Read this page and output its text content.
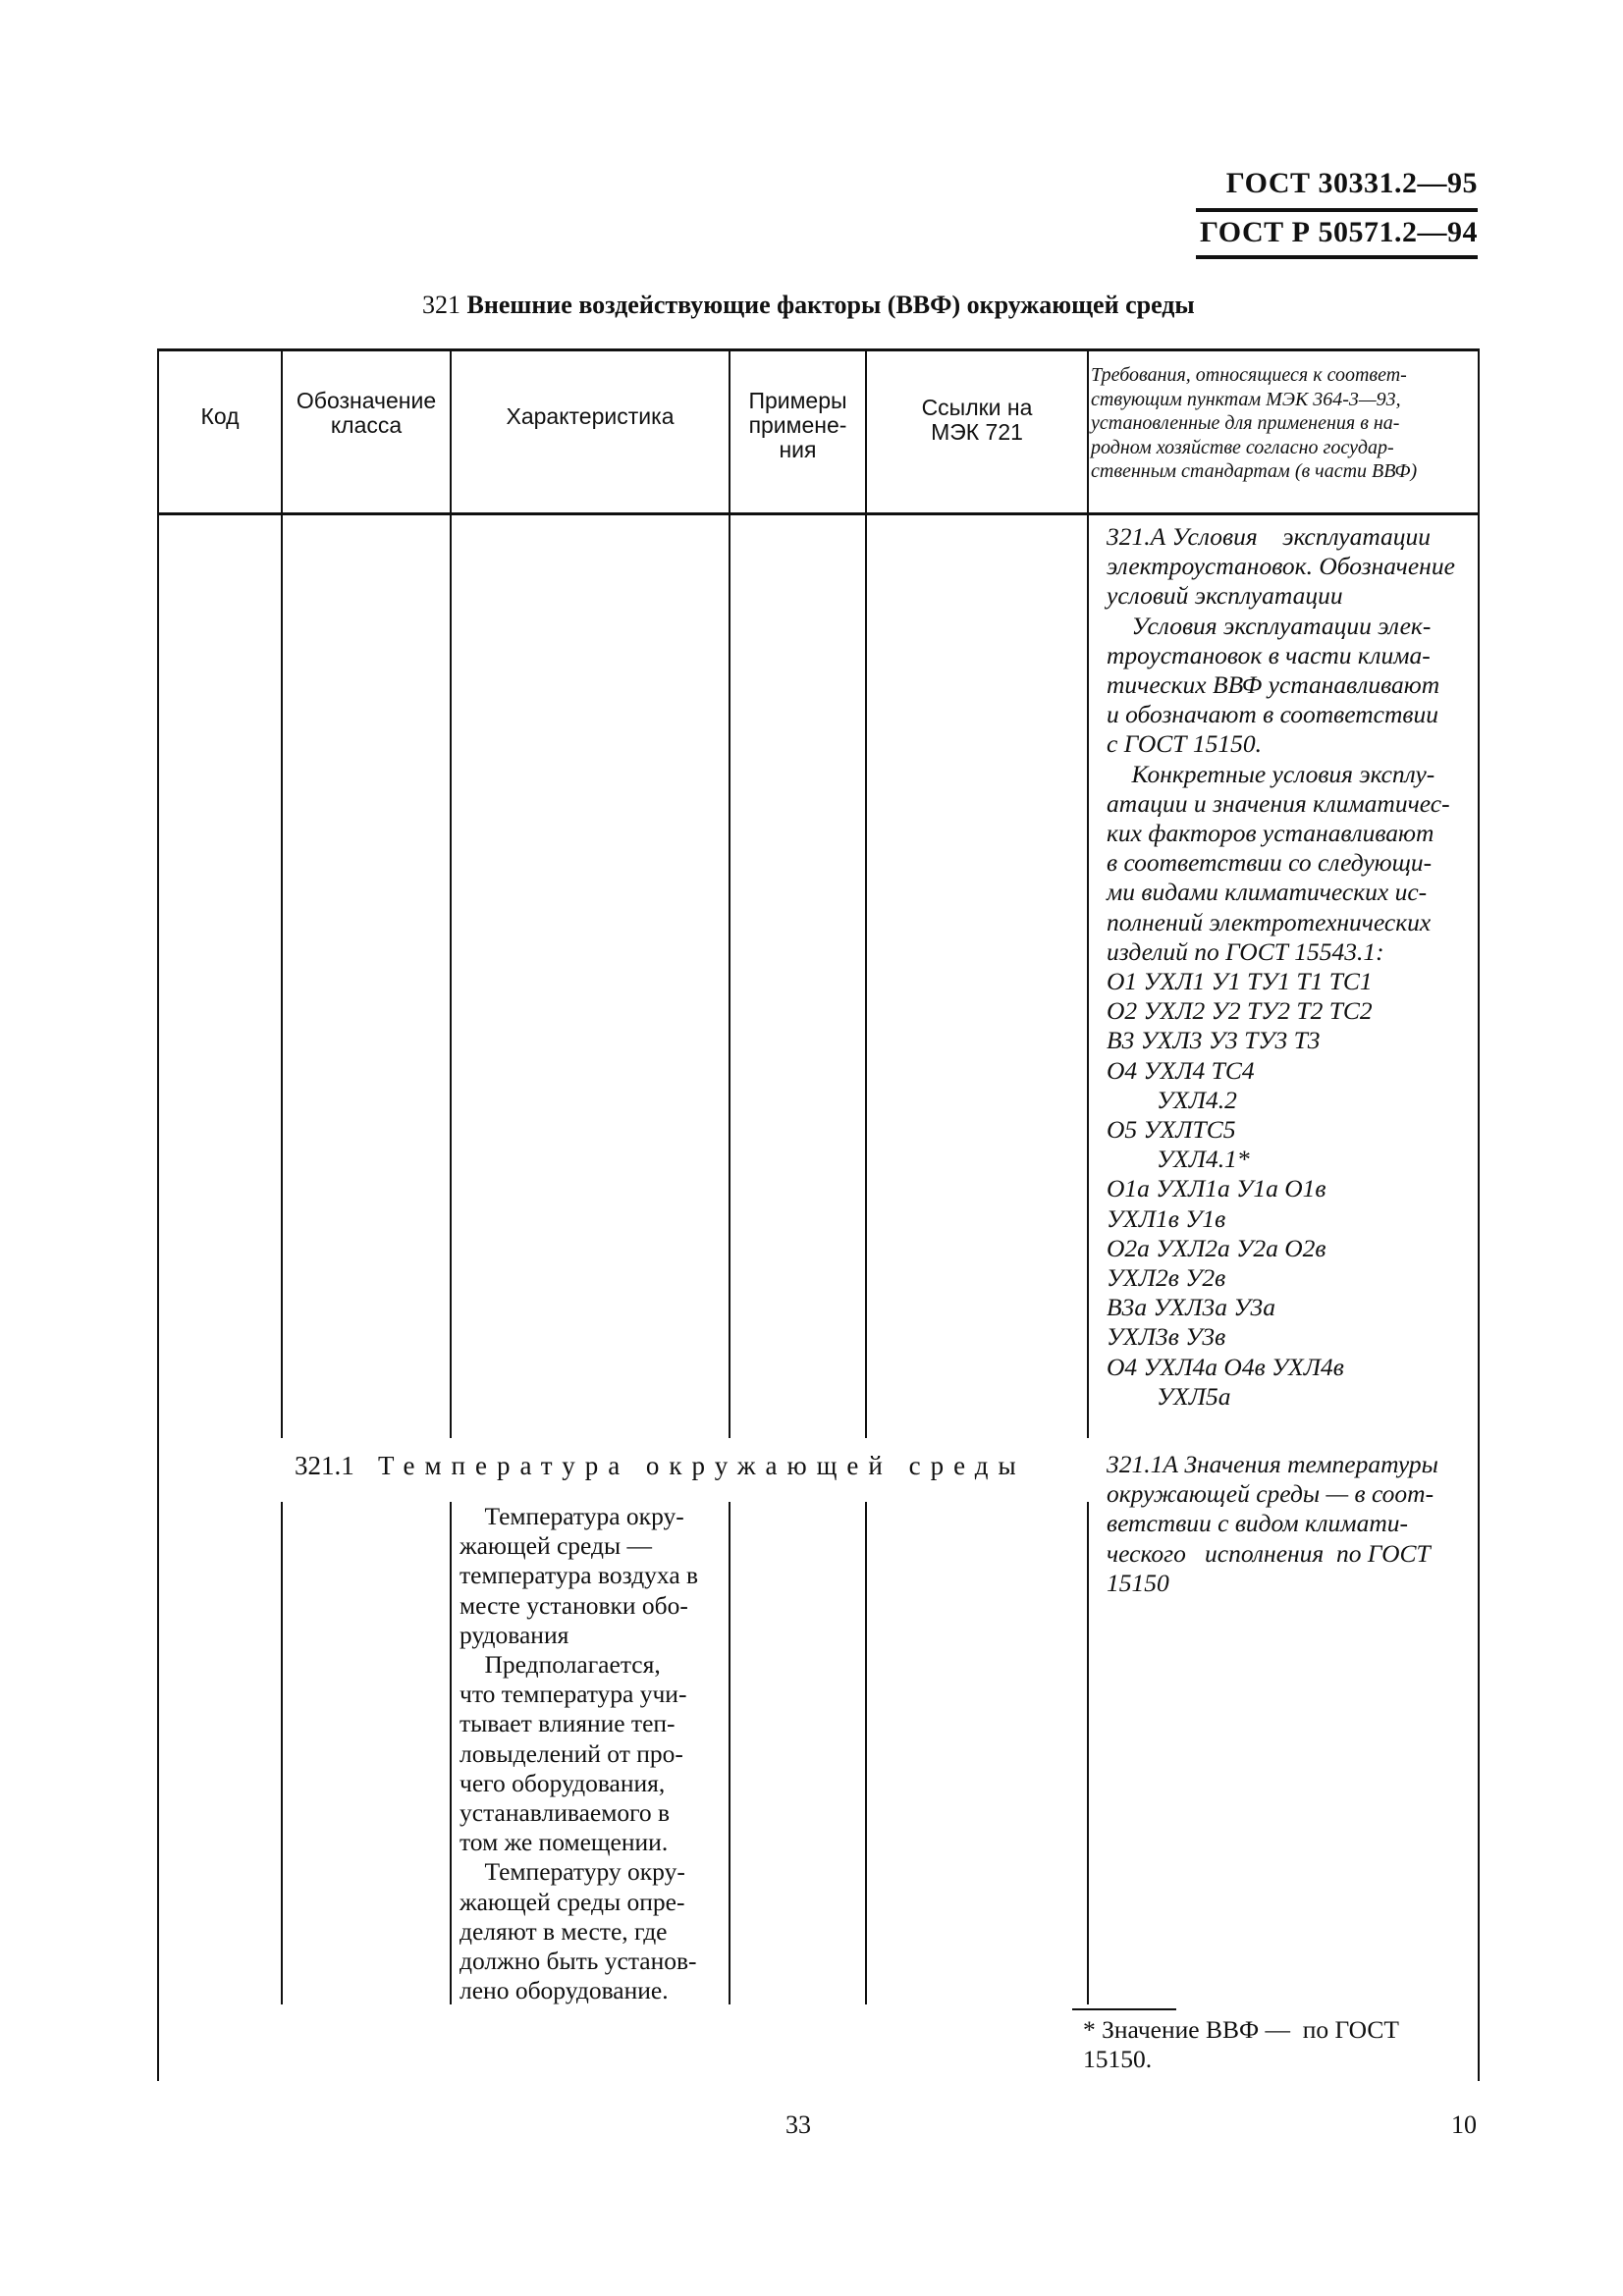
ГОСТ 30331.2—95
ГОСТ Р 50571.2—94
321 Внешние воздействующие факторы (ВВФ) окружающей среды
Код
Обозначение
класса	Характеристика
Примеры
примене-
ния
Ссылки на
МЭК 721
Требования, относящиеся к соответ-
ствующим пунктам МЭК 364-3—93,
установленные для применения в на-
родном хозяйстве согласно государ-
ственным стандартам (в части ВВФ)
321.А Условия    эксплуатации
электроустановок. Обозначение
условий эксплуатации
Условия эксплуатации элек-
троустановок в части клима-
тических ВВФ устанавливают
и обозначают в соответствии
с ГОСТ 15150.
Конкретные условия эксплу-
атации и значения климатичес-
ких факторов устанавливают
в соответствии со следующи-
ми видами климатических ис-
полнений электротехнических
изделий по ГОСТ 15543.1:
О1 УХЛ1 У1 ТУ1 Т1 ТС1
О2 УХЛ2 У2 ТУ2 Т2 ТС2
В3 УХЛ3 У3 ТУ3 Т3
О4 УХЛ4 ТС4
УХЛ4.2
О5 УХЛТС5
УХЛ4.1*
О1а УХЛ1а У1а О1в
УХЛ1в У1в
О2а УХЛ2а У2а О2в
УХЛ2в У2в
В3а УХЛ3а У3а
УХЛ3в У3в
О4 УХЛ4а О4в УХЛ4в
УХЛ5а
321.1 Температура окружающей среды
Температура окру-
жающей среды —
температура воздуха в
месте установки обо-
рудования
Предполагается,
что температура учи-
тывает влияние теп-
ловыделений от про-
чего оборудования,
устанавливаемого в
том же помещении.
Температуру окру-
жающей среды опре-
деляют в месте, где
должно быть установ-
лено оборудование.
321.1А Значения температуры
окружающей среды — в соот-
ветствии с видом климати-
ческого   исполнения  по ГОСТ
15150
* Значение ВВФ —  по ГОСТ
15150.
33	10
